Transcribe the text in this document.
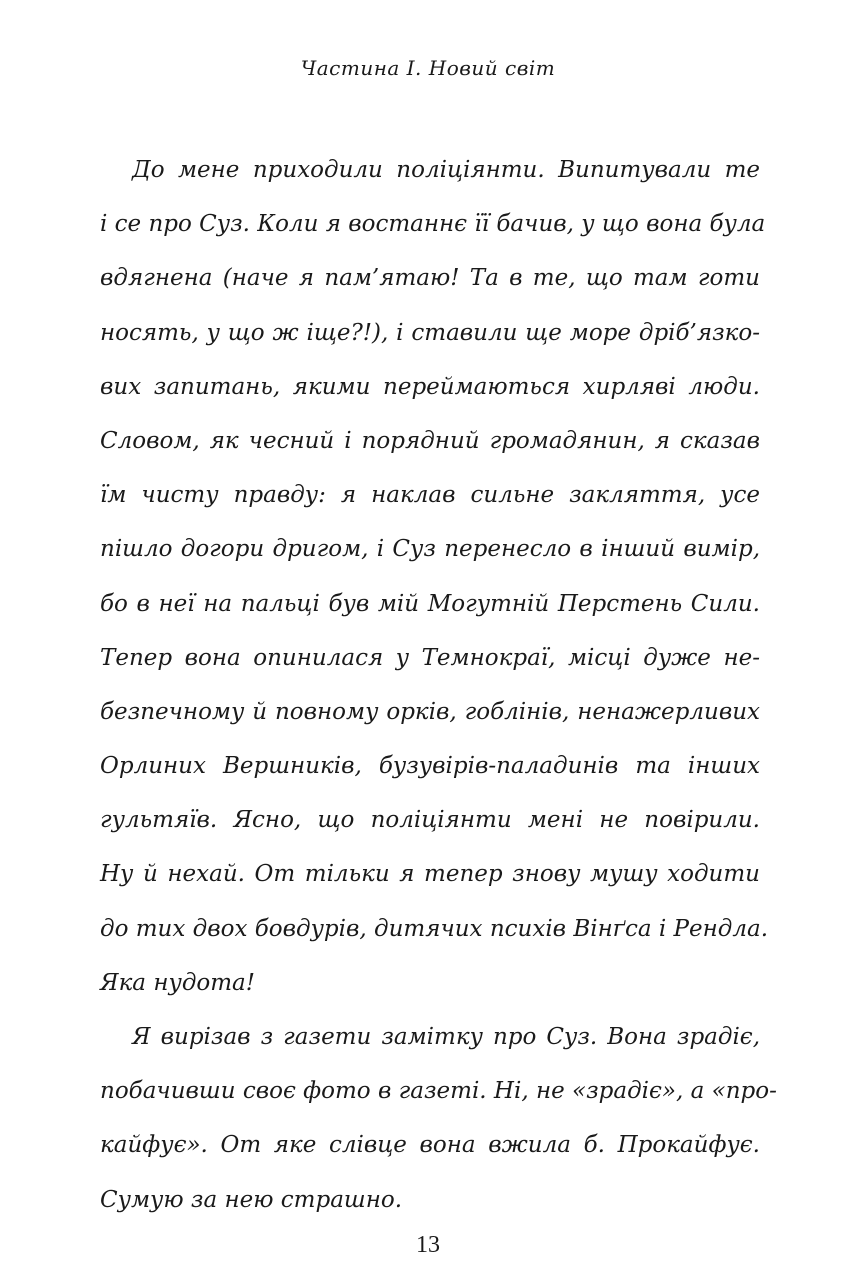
Частина I. Новий світ
До мене приходили поліціянти. Випитували те
і се про Суз. Коли я востаннє її бачив, у що вона була
вдягнена (наче я пам’ятаю! Та в те, що там готи
носять, у що ж іще?!), і ставили ще море дріб’язко-
вих запитань, якими переймаються хирляві люди.
Словом, як чесний і порядний громадянин, я сказав
їм чисту правду: я наклав сильне закляття, усе
пішло догори дригом, і Суз перенесло в інший вимір,
бо в неї на пальці був мій Могутній Перстень Сили.
Тепер вона опинилася у Темнокраї, місці дуже не-
безпечному й повному орків, гоблінів, ненажерливих
Орлиних Вершників, бузувірів-паладинів та інших
гультяїв. Ясно, що поліціянти мені не повірили.
Ну й нехай. От тільки я тепер знову мушу ходити
до тих двох бовдурів, дитячих психів Вінґса і Рендла.
Яка нудота!
Я вирізав з газети замітку про Суз. Вона зрадіє,
побачивши своє фото в газеті. Ні, не «зрадіє», а «про-
кайфує». От яке слівце вона вжила б. Прокайфує.
Сумую за нею страшно.
13
